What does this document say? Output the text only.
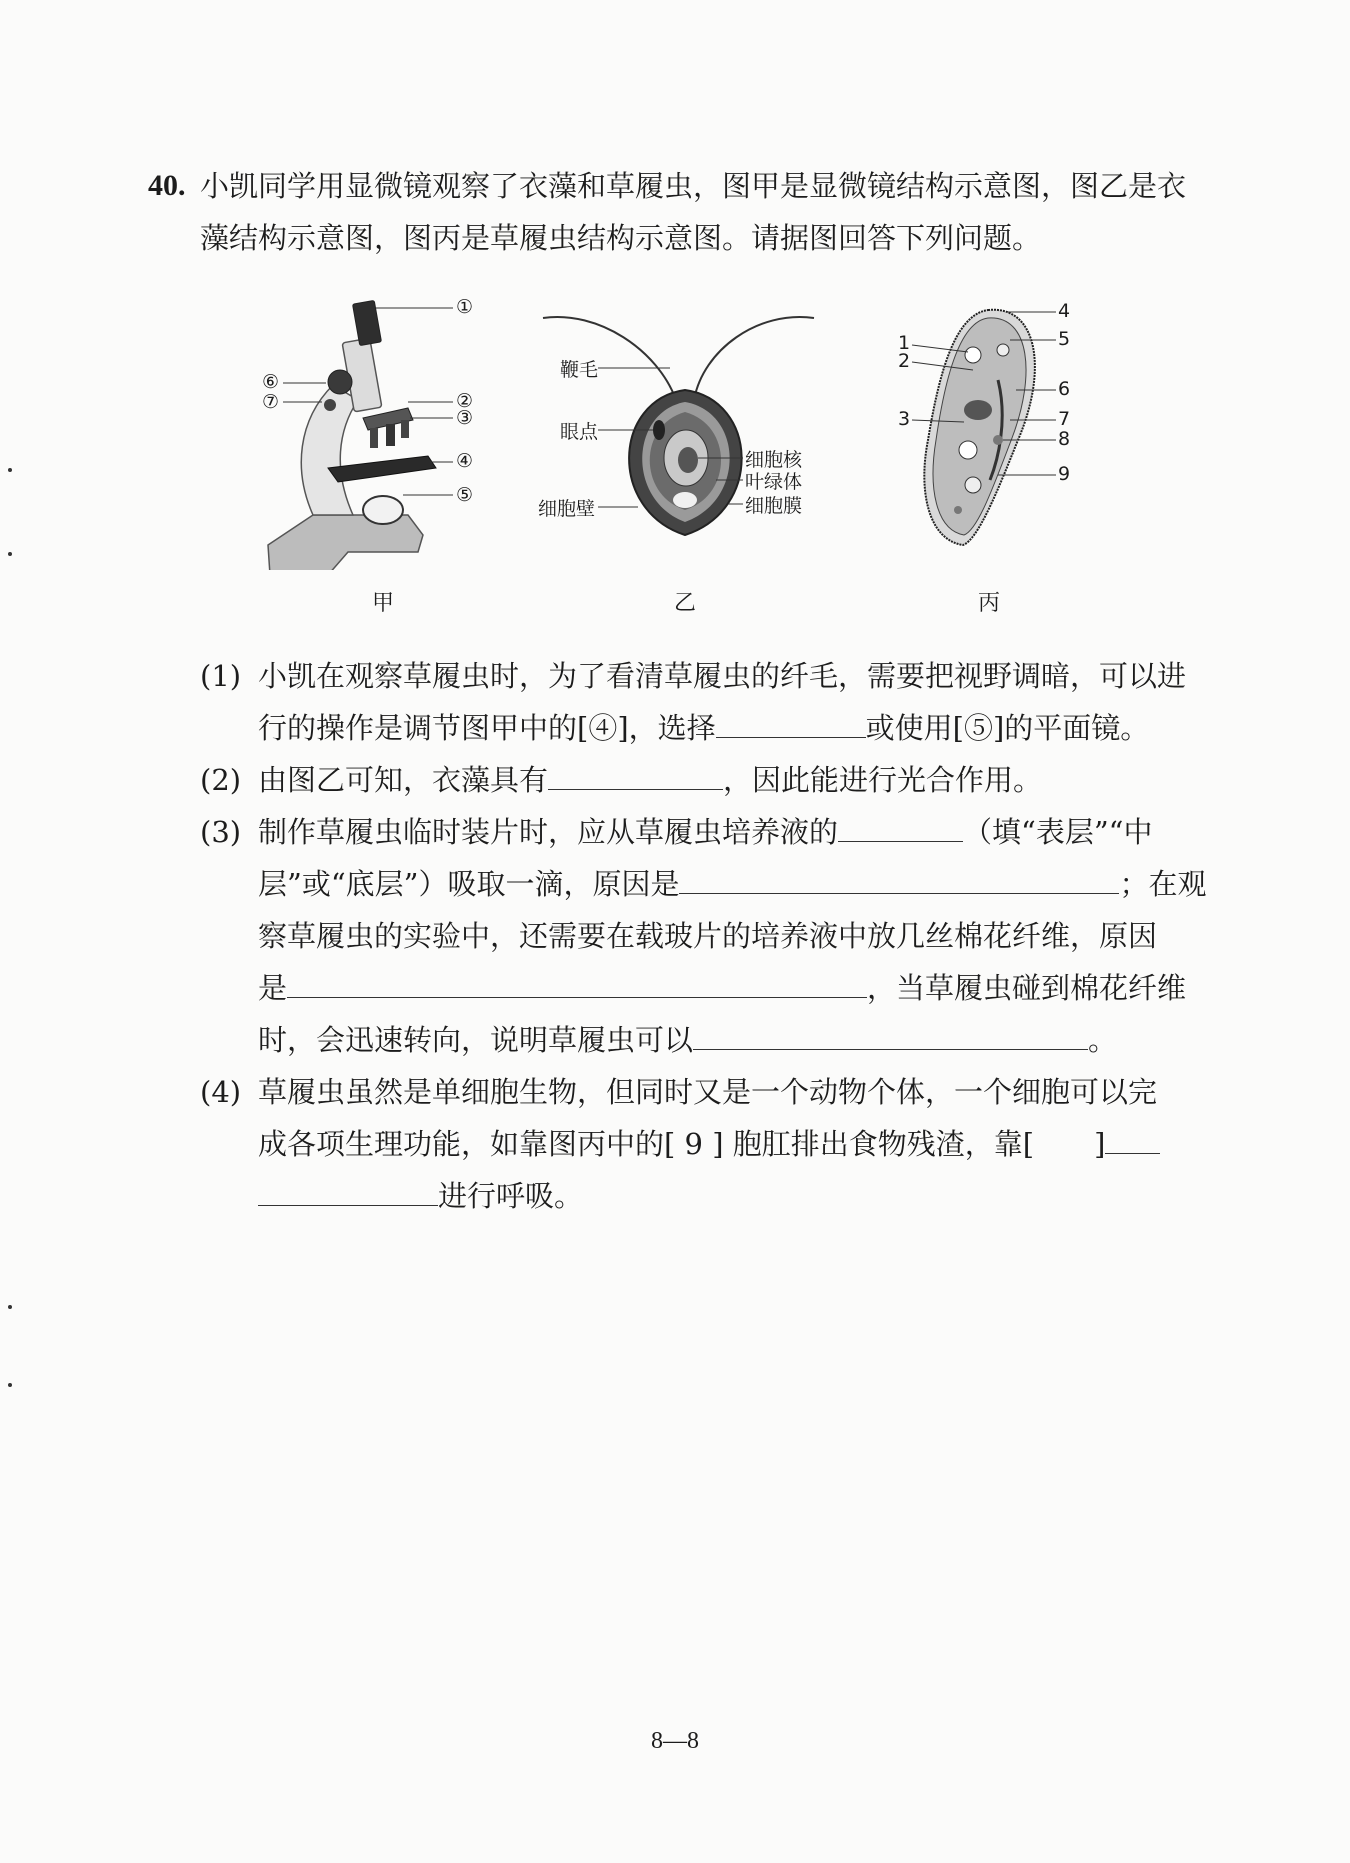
40. 小凯同学用显微镜观察了衣藻和草履虫，图甲是显微镜结构示意图，图乙是衣藻结构示意图，图丙是草履虫结构示意图。请据图回答下列问题。
①
②
③
④
⑤
⑥
⑦
甲
鞭毛
眼点
细胞壁
细胞核
叶绿体
细胞膜
乙
4
5
1
2
6
3	7
8
9
丙
(1) 小凯在观察草履虫时，为了看清草履虫的纤毛，需要把视野调暗，可以进
行的操作是调节图甲中的[④]，选择	或使用[⑤]的平面镜。
(2) 由图乙可知，衣藻具有	，因此能进行光合作用。
(3) 制作草履虫临时装片时，应从草履虫培养液的	（填“表层”“中
层”或“底层”）吸取一滴，原因是	；在观
察草履虫的实验中，还需要在载玻片的培养液中放几丝棉花纤维，原因
是	，当草履虫碰到棉花纤维
时，会迅速转向，说明草履虫可以	。
(4) 草履虫虽然是单细胞生物，但同时又是一个动物个体，一个细胞可以完
成各项生理功能，如靠图丙中的[ 9 ] 胞肛排出食物残渣，靠[ ]
进行呼吸。
8—8
